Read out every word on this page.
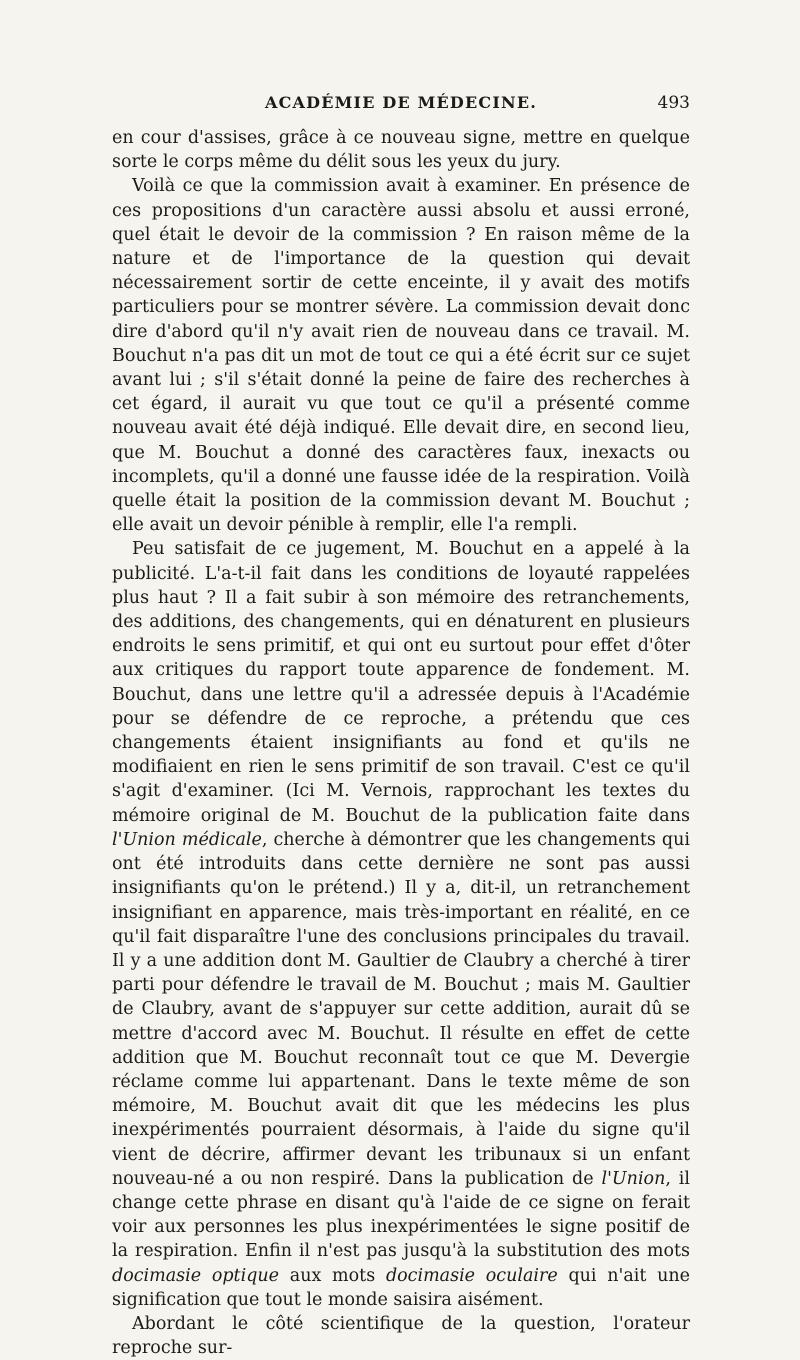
ACADÉMIE DE MÉDECINE.	493

en cour d'assises, grâce à ce nouveau signe, mettre en quelque sorte le corps même du délit sous les yeux du jury.

Voilà ce que la commission avait à examiner. En présence de ces propositions d'un caractère aussi absolu et aussi erroné, quel était le devoir de la commission ? En raison même de la nature et de l'importance de la question qui devait nécessairement sortir de cette enceinte, il y avait des motifs particuliers pour se montrer sévère. La commission devait donc dire d'abord qu'il n'y avait rien de nouveau dans ce travail. M. Bouchut n'a pas dit un mot de tout ce qui a été écrit sur ce sujet avant lui ; s'il s'était donné la peine de faire des recherches à cet égard, il aurait vu que tout ce qu'il a présenté comme nouveau avait été déjà indiqué. Elle devait dire, en second lieu, que M. Bouchut a donné des caractères faux, inexacts ou incomplets, qu'il a donné une fausse idée de la respiration. Voilà quelle était la position de la commission devant M. Bouchut ; elle avait un devoir pénible à remplir, elle l'a rempli.

Peu satisfait de ce jugement, M. Bouchut en a appelé à la publicité. L'a-t-il fait dans les conditions de loyauté rappelées plus haut ? Il a fait subir à son mémoire des retranchements, des additions, des changements, qui en dénaturent en plusieurs endroits le sens primitif, et qui ont eu surtout pour effet d'ôter aux critiques du rapport toute apparence de fondement. M. Bouchut, dans une lettre qu'il a adressée depuis à l'Académie pour se défendre de ce reproche, a prétendu que ces changements étaient insignifiants au fond et qu'ils ne modifiaient en rien le sens primitif de son travail. C'est ce qu'il s'agit d'examiner. (Ici M. Vernois, rapprochant les textes du mémoire original de M. Bouchut de la publication faite dans l'Union médicale, cherche à démontrer que les changements qui ont été introduits dans cette dernière ne sont pas aussi insignifiants qu'on le prétend.) Il y a, dit-il, un retranchement insignifiant en apparence, mais très-important en réalité, en ce qu'il fait disparaître l'une des conclusions principales du travail. Il y a une addition dont M. Gaultier de Claubry a cherché à tirer parti pour défendre le travail de M. Bouchut ; mais M. Gaultier de Claubry, avant de s'appuyer sur cette addition, aurait dû se mettre d'accord avec M. Bouchut. Il résulte en effet de cette addition que M. Bouchut reconnaît tout ce que M. Devergie réclame comme lui appartenant. Dans le texte même de son mémoire, M. Bouchut avait dit que les médecins les plus inexpérimentés pourraient désormais, à l'aide du signe qu'il vient de décrire, affirmer devant les tribunaux si un enfant nouveau-né a ou non respiré. Dans la publication de l'Union, il change cette phrase en disant qu'à l'aide de ce signe on ferait voir aux personnes les plus inexpérimentées le signe positif de la respiration. Enfin il n'est pas jusqu'à la substitution des mots docimasie optique aux mots docimasie oculaire qui n'ait une signification que tout le monde saisira aisément.

Abordant le côté scientifique de la question, l'orateur reproche sur-
